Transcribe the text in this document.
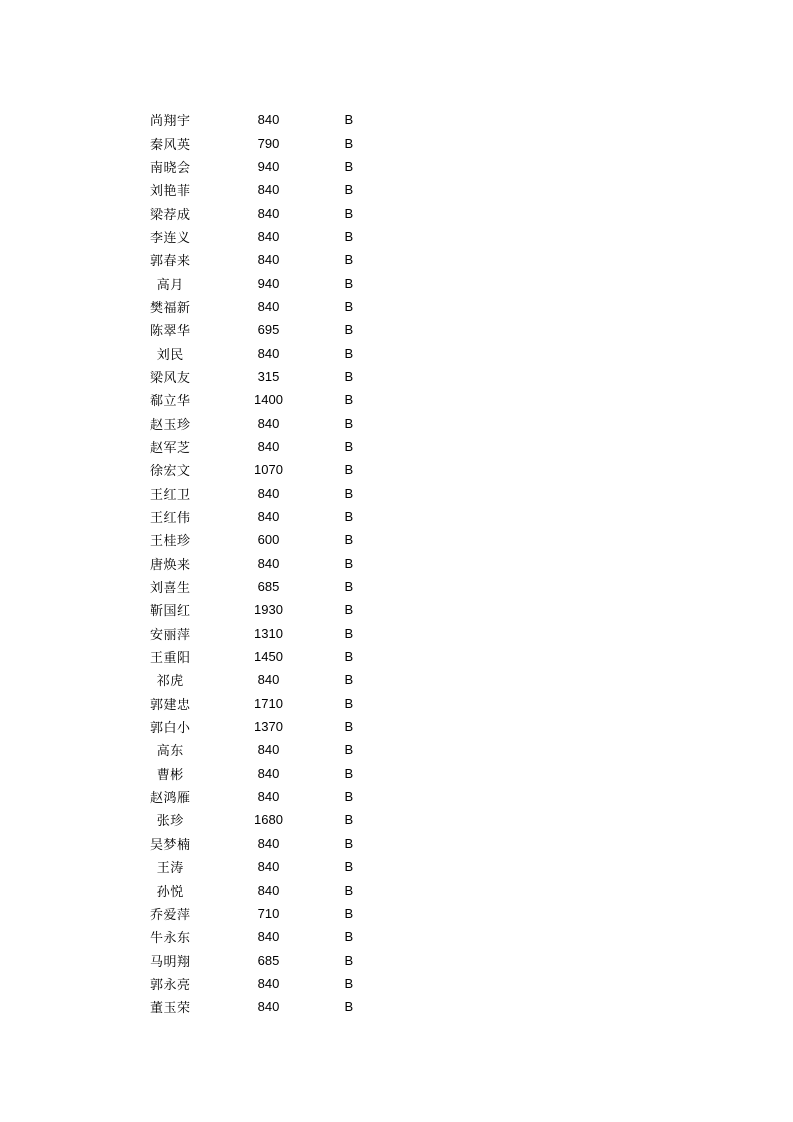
尚翔宇	840	B
秦风英	790	B
南晓会	940	B
刘艳菲	840	B
梁荐成	840	B
李连义	840	B
郭春来	840	B
高月	940	B
樊福新	840	B
陈翠华	695	B
刘民	840	B
梁风友	315	B
郗立华	1400	B
赵玉珍	840	B
赵军芝	840	B
徐宏文	1070	B
王红卫	840	B
王红伟	840	B
王桂珍	600	B
唐焕来	840	B
刘喜生	685	B
靳国红	1930	B
安丽萍	1310	B
王重阳	1450	B
祁虎	840	B
郭建忠	1710	B
郭白小	1370	B
高东	840	B
曹彬	840	B
赵鸿雁	840	B
张珍	1680	B
吴梦楠	840	B
王涛	840	B
孙悦	840	B
乔爱萍	710	B
牛永东	840	B
马明翔	685	B
郭永亮	840	B
董玉荣	840	B
